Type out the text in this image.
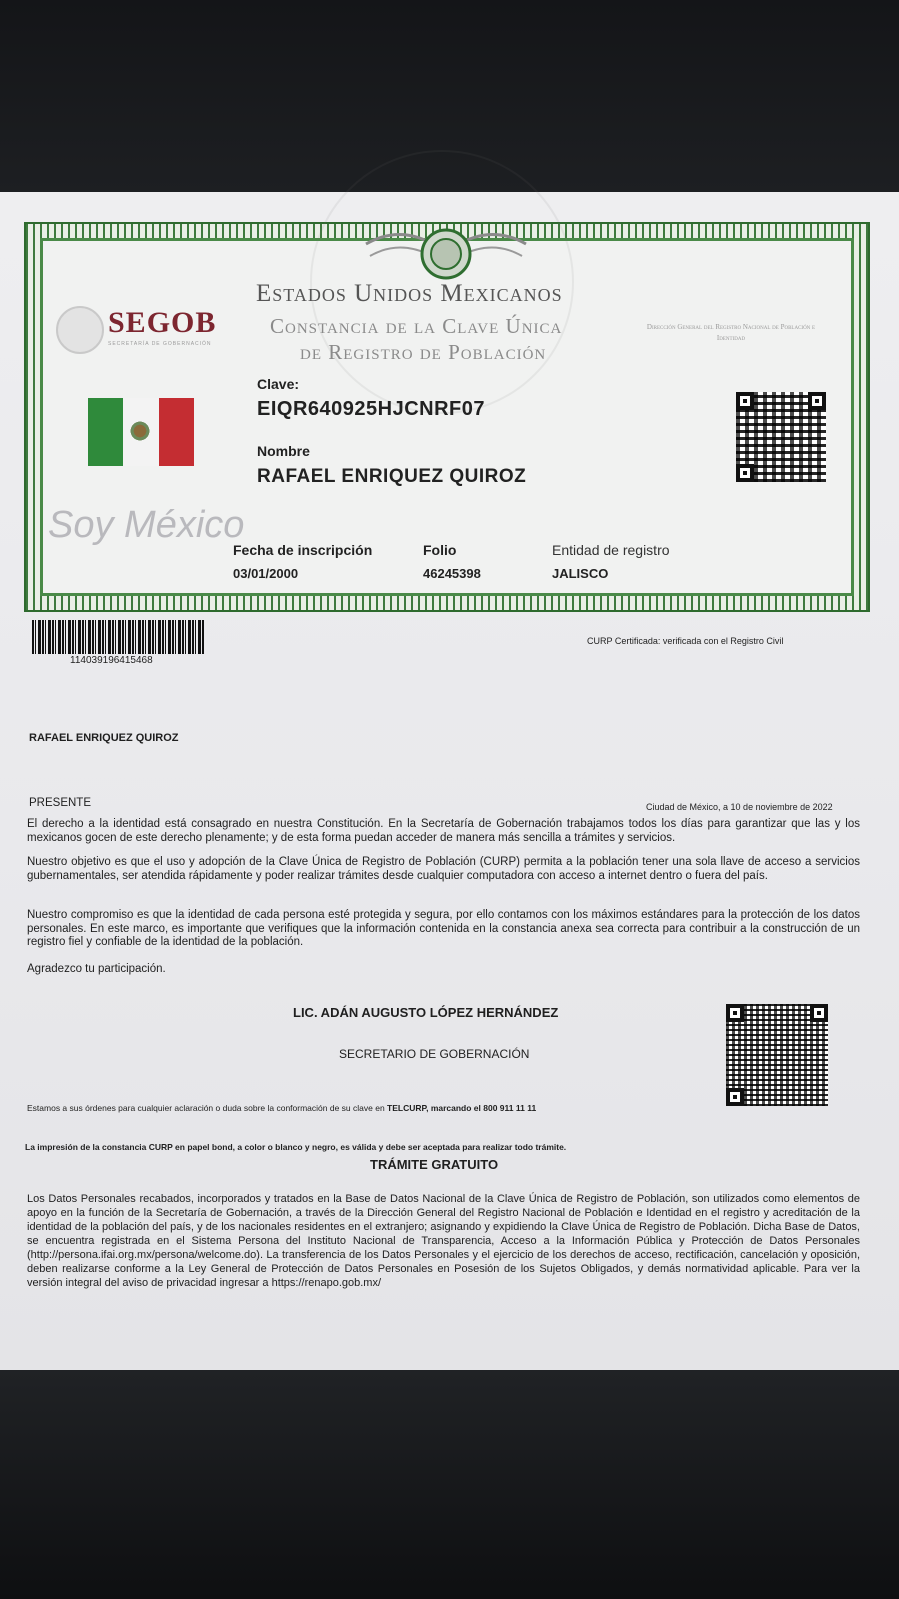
SEGOB
SECRETARÍA DE GOBERNACIÓN
Estados Unidos Mexicanos
Constancia de la Clave Única
de Registro de Población
Dirección General del Registro Nacional de Población e Identidad
Clave:
EIQR640925HJCNRF07
Nombre
RAFAEL ENRIQUEZ QUIROZ
Soy México
Fecha de inscripción
03/01/2000
Folio
46245398
Entidad de registro
JALISCO
114039196415468
CURP Certificada: verificada con el Registro Civil
RAFAEL ENRIQUEZ QUIROZ
PRESENTE	Ciudad de México, a 10 de noviembre de 2022
El derecho a la identidad está consagrado en nuestra Constitución. En la Secretaría de Gobernación trabajamos todos los días para garantizar que las y los mexicanos gocen de este derecho plenamente; y de esta forma puedan acceder de manera más sencilla a trámites y servicios.
Nuestro objetivo es que el uso y adopción de la Clave Única de Registro de Población (CURP) permita a la población tener una sola llave de acceso a servicios gubernamentales, ser atendida rápidamente y poder realizar trámites desde cualquier computadora con acceso a internet dentro o fuera del país.
Nuestro compromiso es que la identidad de cada persona esté protegida y segura, por ello contamos con los máximos estándares para la protección de los datos personales. En este marco, es importante que verifiques que la información contenida en la constancia anexa sea correcta para contribuir a la construcción de un registro fiel y confiable de la identidad de la población.
Agradezco tu participación.
LIC. ADÁN AUGUSTO LÓPEZ HERNÁNDEZ
SECRETARIO DE GOBERNACIÓN
Estamos a sus órdenes para cualquier aclaración o duda sobre la conformación de su clave en TELCURP, marcando el 800 911 11 11
La impresión de la constancia CURP en papel bond, a color o blanco y negro, es válida y debe ser aceptada para realizar todo trámite.
TRÁMITE GRATUITO
Los Datos Personales recabados, incorporados y tratados en la Base de Datos Nacional de la Clave Única de Registro de Población, son utilizados como elementos de apoyo en la función de la Secretaría de Gobernación, a través de la Dirección General del Registro Nacional de Población e Identidad en el registro y acreditación de la identidad de la población del país, y de los nacionales residentes en el extranjero; asignando y expidiendo la Clave Única de Registro de Población. Dicha Base de Datos, se encuentra registrada en el Sistema Persona del Instituto Nacional de Transparencia, Acceso a la Información Pública y Protección de Datos Personales (http://persona.ifai.org.mx/persona/welcome.do). La transferencia de los Datos Personales y el ejercicio de los derechos de acceso, rectificación, cancelación y oposición, deben realizarse conforme a la Ley General de Protección de Datos Personales en Posesión de los Sujetos Obligados, y demás normatividad aplicable. Para ver la versión integral del aviso de privacidad ingresar a https://renapo.gob.mx/
